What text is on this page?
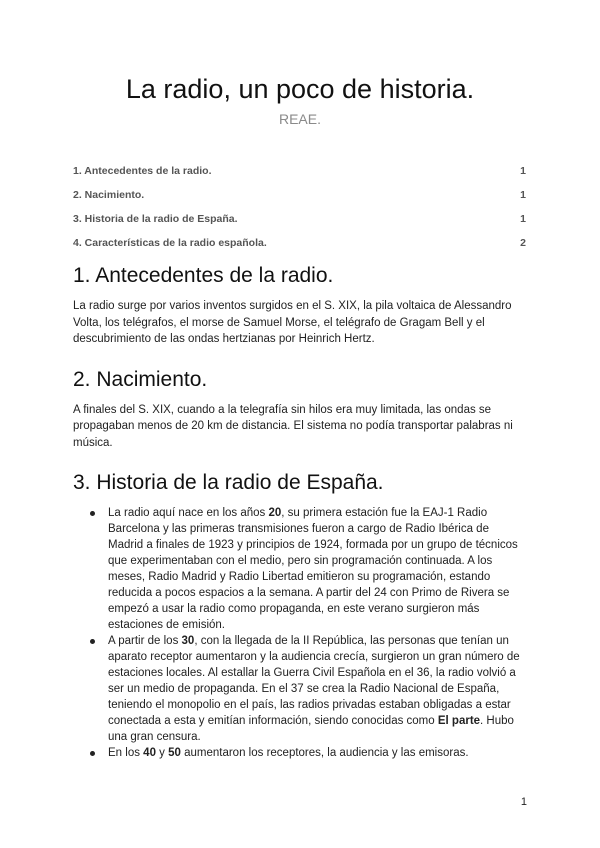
La radio, un poco de historia.
REAE.
1. Antecedentes de la radio.	1
2. Nacimiento.	1
3. Historia de la radio de España.	1
4. Características de la radio española.	2
1. Antecedentes de la radio.

La radio surge por varios inventos surgidos en el S. XIX, la pila voltaica de Alessandro Volta, los telégrafos, el morse de Samuel Morse, el telégrafo de Gragam Bell y el descubrimiento de las ondas hertzianas por Heinrich Hertz.

2. Nacimiento.

A finales del S. XIX, cuando a la telegrafía sin hilos era muy limitada, las ondas se propagaban menos de 20 km de distancia. El sistema no podía transportar palabras ni música.

3. Historia de la radio de España.
La radio aquí nace en los años 20, su primera estación fue la EAJ-1 Radio Barcelona y las primeras transmisiones fueron a cargo de Radio Ibérica de Madrid a finales de 1923 y principios de 1924, formada por un grupo de técnicos que experimentaban con el medio, pero sin programación continuada. A los meses, Radio Madrid y Radio Libertad emitieron su programación, estando reducida a pocos espacios a la semana. A partir del 24 con Primo de Rivera se empezó a usar la radio como propaganda, en este verano surgieron más estaciones de emisión.
A partir de los 30, con la llegada de la II República, las personas que tenían un aparato receptor aumentaron y la audiencia crecía, surgieron un gran número de estaciones locales. Al estallar la Guerra Civil Española en el 36, la radio volvió a ser un medio de propaganda. En el 37 se crea la Radio Nacional de España, teniendo el monopolio en el país, las radios privadas estaban obligadas a estar conectada a esta y emitían información, siendo conocidas como El parte. Hubo una gran censura.
En los 40 y 50 aumentaron los receptores, la audiencia y las emisoras.
1
